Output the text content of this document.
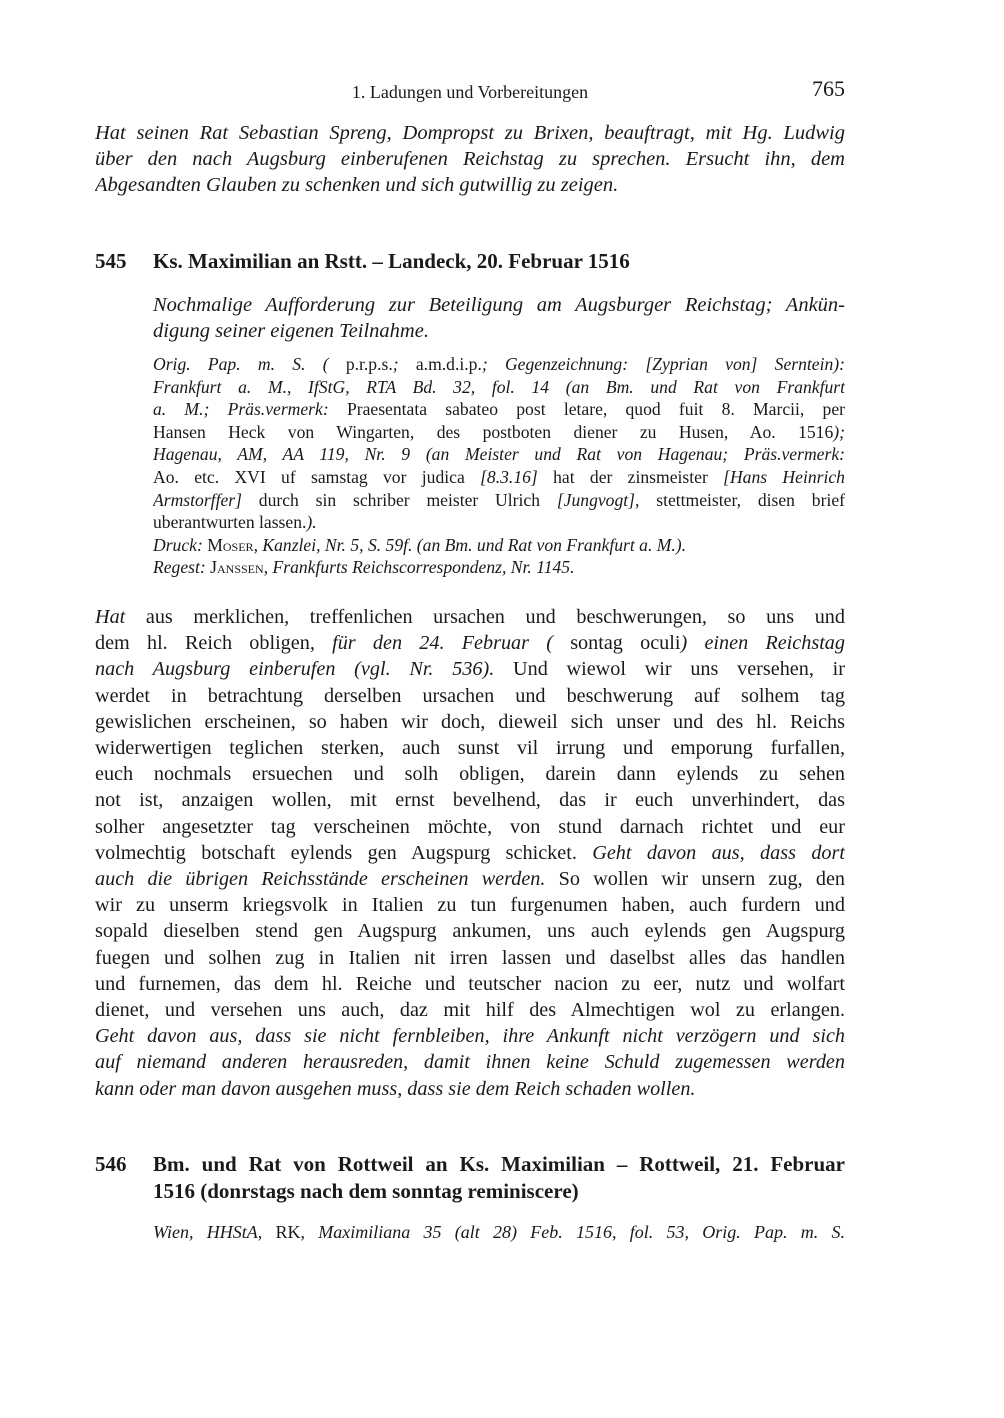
1. Ladungen und Vorbereitungen	765
Hat seinen Rat Sebastian Spreng, Dompropst zu Brixen, beauftragt, mit Hg. Ludwig
über den nach Augsburg einberufenen Reichstag zu sprechen. Ersucht ihn, dem
Abgesandten Glauben zu schenken und sich gutwillig zu zeigen.
545 Ks. Maximilian an Rstt. – Landeck, 20. Februar 1516
Nochmalige Aufforderung zur Beteiligung am Augsburger Reichstag; Ankün-
digung seiner eigenen Teilnahme.
Orig. Pap. m. S. ( p.r.p.s.; a.m.d.i.p.; Gegenzeichnung: [Zyprian von] Serntein):
Frankfurt a. M., IfStG, RTA Bd. 32, fol. 14 (an Bm. und Rat von Frankfurt
a. M.; Präs.vermerk: Praesentata sabateo post letare, quod fuit 8. Marcii, per
Hansen Heck von Wingarten, des postboten diener zu Husen, Ao. 1516);
Hagenau, AM, AA 119, Nr. 9 (an Meister und Rat von Hagenau; Präs.vermerk:
Ao. etc. XVI uf samstag vor judica [8.3.16] hat der zinsmeister [Hans Heinrich
Armstorffer] durch sin schriber meister Ulrich [Jungvogt], stettmeister, disen brief
uberantwurten lassen.).
Druck: Moser, Kanzlei, Nr. 5, S. 59f. (an Bm. und Rat von Frankfurt a. M.).
Regest: Janssen, Frankfurts Reichscorrespondenz, Nr. 1145.
Hat aus merklichen, treffenlichen ursachen und beschwerungen, so uns und
dem hl. Reich obligen, für den 24. Februar ( sontag oculi) einen Reichstag
nach Augsburg einberufen (vgl. Nr. 536). Und wiewol wir uns versehen, ir
werdet in betrachtung derselben ursachen und beschwerung auf solhem tag
gewislichen erscheinen, so haben wir doch, dieweil sich unser und des hl. Reichs
widerwertigen teglichen sterken, auch sunst vil irrung und emporung furfallen,
euch nochmals ersuechen und solh obligen, darein dann eylends zu sehen
not ist, anzaigen wollen, mit ernst bevelhend, das ir euch unverhindert, das
solher angesetzter tag verscheinen möchte, von stund darnach richtet und eur
volmechtig botschaft eylends gen Augspurg schicket. Geht davon aus, dass dort
auch die übrigen Reichsstände erscheinen werden. So wollen wir unsern zug, den
wir zu unserm kriegsvolk in Italien zu tun furgenumen haben, auch furdern und
sopald dieselben stend gen Augspurg ankumen, uns auch eylends gen Augspurg
fuegen und solhen zug in Italien nit irren lassen und daselbst alles das handlen
und furnemen, das dem hl. Reiche und teutscher nacion zu eer, nutz und wolfart
dienet, und versehen uns auch, daz mit hilf des Almechtigen wol zu erlangen.
Geht davon aus, dass sie nicht fernbleiben, ihre Ankunft nicht verzögern und sich
auf niemand anderen herausreden, damit ihnen keine Schuld zugemessen werden
kann oder man davon ausgehen muss, dass sie dem Reich schaden wollen.
546 Bm. und Rat von Rottweil an Ks. Maximilian – Rottweil, 21. Februar
1516 (donrstags nach dem sonntag reminiscere)
Wien, HHStA, RK, Maximiliana 35 (alt 28) Feb. 1516, fol. 53, Orig. Pap. m. S.
